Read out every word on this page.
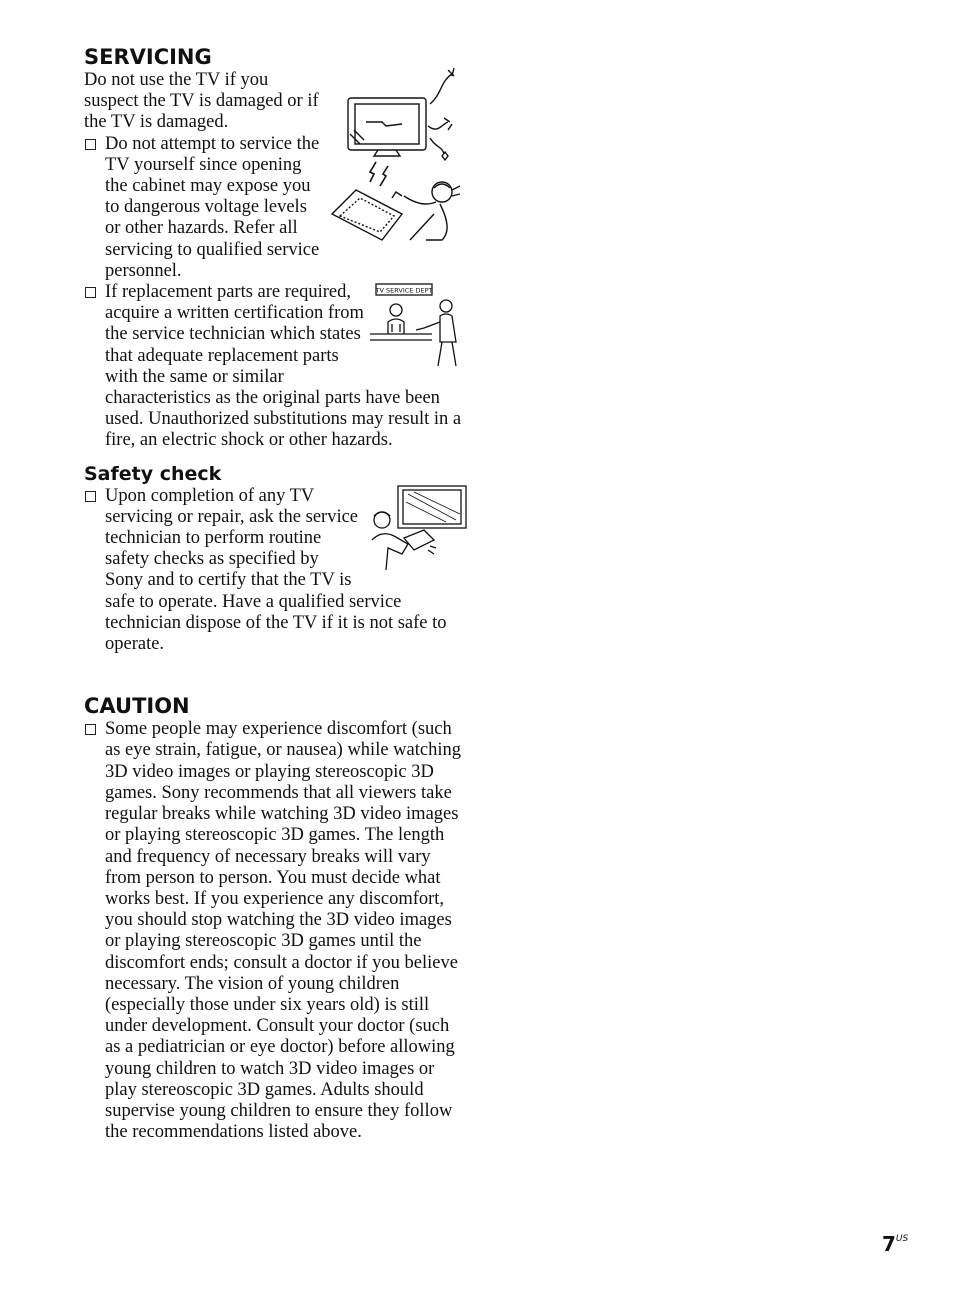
SERVICING

Do not use the TV if you suspect the TV is damaged or if the TV is damaged.

Do not attempt to service the TV yourself since opening the cabinet may expose you to dangerous voltage levels or other hazards. Refer all servicing to qualified service personnel.

TV SERVICE DEPT

If replacement parts are required, acquire a written certification from the service technician which states that adequate replacement parts with the same or similar characteristics as the original parts have been used. Unauthorized substitutions may result in a fire, an electric shock or other hazards.

Safety check

Upon completion of any TV servicing or repair, ask the service technician to perform routine safety checks as specified by Sony and to certify that the TV is safe to operate. Have a qualified service technician dispose of the TV if it is not safe to operate.

CAUTION

Some people may experience discomfort (such as eye strain, fatigue, or nausea) while watching 3D video images or playing stereoscopic 3D games. Sony recommends that all viewers take regular breaks while watching 3D video images or playing stereoscopic 3D games. The length and frequency of necessary breaks will vary from person to person. You must decide what works best. If you experience any discomfort, you should stop watching the 3D video images or playing stereoscopic 3D games until the discomfort ends; consult a doctor if you believe necessary. The vision of young children (especially those under six years old) is still under development. Consult your doctor (such as a pediatrician or eye doctor) before allowing young children to watch 3D video images or play stereoscopic 3D games. Adults should supervise young children to ensure they follow the recommendations listed above.

$7^{US}$
